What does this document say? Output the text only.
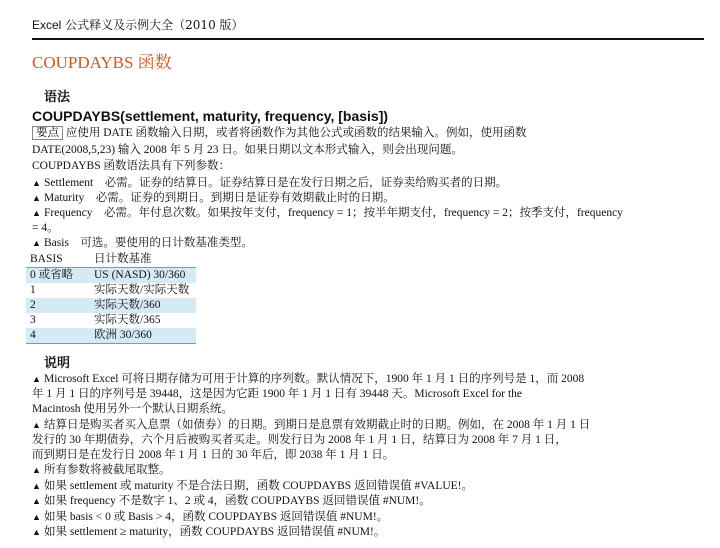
Excel 公式释义及示例大全（2010 版）
COUPDAYBS 函数
语法
COUPDAYBS(settlement, maturity, frequency, [basis])
要点 应使用 DATE 函数输入日期，或者将函数作为其他公式或函数的结果输入。例如，使用函数
DATE(2008,5,23) 输入 2008 年 5 月 23 日。如果日期以文本形式输入，则会出现问题。
COUPDAYBS 函数语法具有下列参数：
▲ Settlement　必需。证券的结算日。证券结算日是在发行日期之后，证券卖给购买者的日期。
▲ Maturity　必需。证券的到期日。到期日是证券有效期截止时的日期。
▲ Frequency　必需。年付息次数。如果按年支付，frequency = 1；按半年期支付，frequency = 2；按季支付，frequency
= 4。
▲ Basis　可选。要使用的日计数基准类型。
BASIS	日计数基准
0 或省略	US (NASD) 30/360
1	实际天数/实际天数
2	实际天数/360
3	实际天数/365
4	欧洲 30/360
说明
▲ Microsoft Excel 可将日期存储为可用于计算的序列数。默认情况下，1900 年 1 月 1 日的序列号是 1，而 2008
年 1 月 1 日的序列号是 39448，这是因为它距 1900 年 1 月 1 日有 39448 天。Microsoft Excel for the
Macintosh 使用另外一个默认日期系统。
▲ 结算日是购买者买入息票（如债券）的日期。到期日是息票有效期截止时的日期。例如，在 2008 年 1 月 1 日
发行的 30 年期债券，六个月后被购买者买走。则发行日为 2008 年 1 月 1 日，结算日为 2008 年 7 月 1 日，
而到期日是在发行日 2008 年 1 月 1 日的 30 年后，即 2038 年 1 月 1 日。
▲ 所有参数将被截尾取整。
▲ 如果 settlement 或 maturity 不是合法日期，函数 COUPDAYBS 返回错误值 #VALUE!。
▲ 如果 frequency 不是数字 1、2 或 4，函数 COUPDAYBS 返回错误值 #NUM!。
▲ 如果 basis < 0 或 Basis > 4，函数 COUPDAYBS 返回错误值 #NUM!。
▲ 如果 settlement ≥ maturity，函数 COUPDAYBS 返回错误值 #NUM!。
